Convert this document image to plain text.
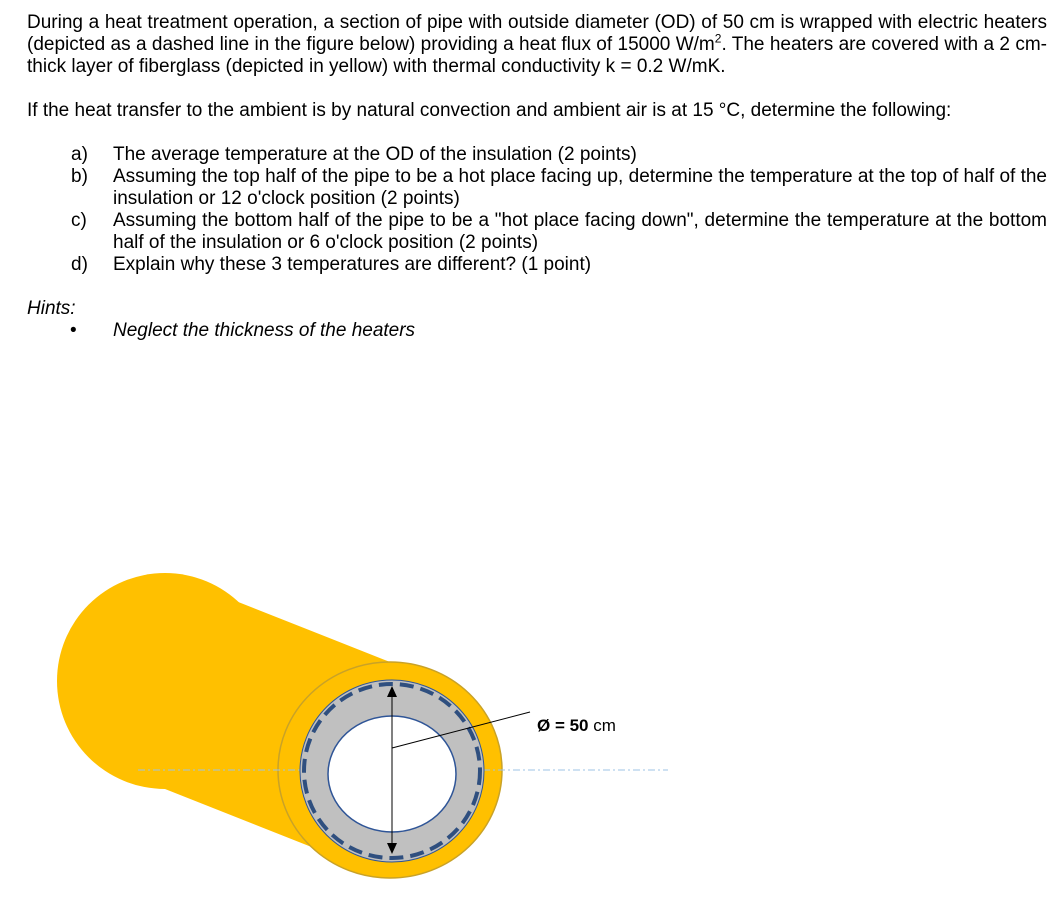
During a heat treatment operation, a section of pipe with outside diameter (OD) of 50 cm is wrapped with electric heaters (depicted as a dashed line in the figure below) providing a heat flux of 15000 $W/m^2$. The heaters are covered with a 2 cm-thick layer of fiberglass (depicted in yellow) with thermal conductivity k = 0.2 W/mK.

If the heat transfer to the ambient is by natural convection and ambient air is at 15 °C, determine the following:

a) The average temperature at the OD of the insulation (2 points)
b) Assuming the top half of the pipe to be a hot place facing up, determine the temperature at the top of half of the insulation or 12 o'clock position (2 points)
c) Assuming the bottom half of the pipe to be a "hot place facing down", determine the temperature at the bottom half of the insulation or 6 o'clock position (2 points)
d) Explain why these 3 temperatures are different? (1 point)
Hints:
• Neglect the thickness of the heaters
Ø = 50 cm
